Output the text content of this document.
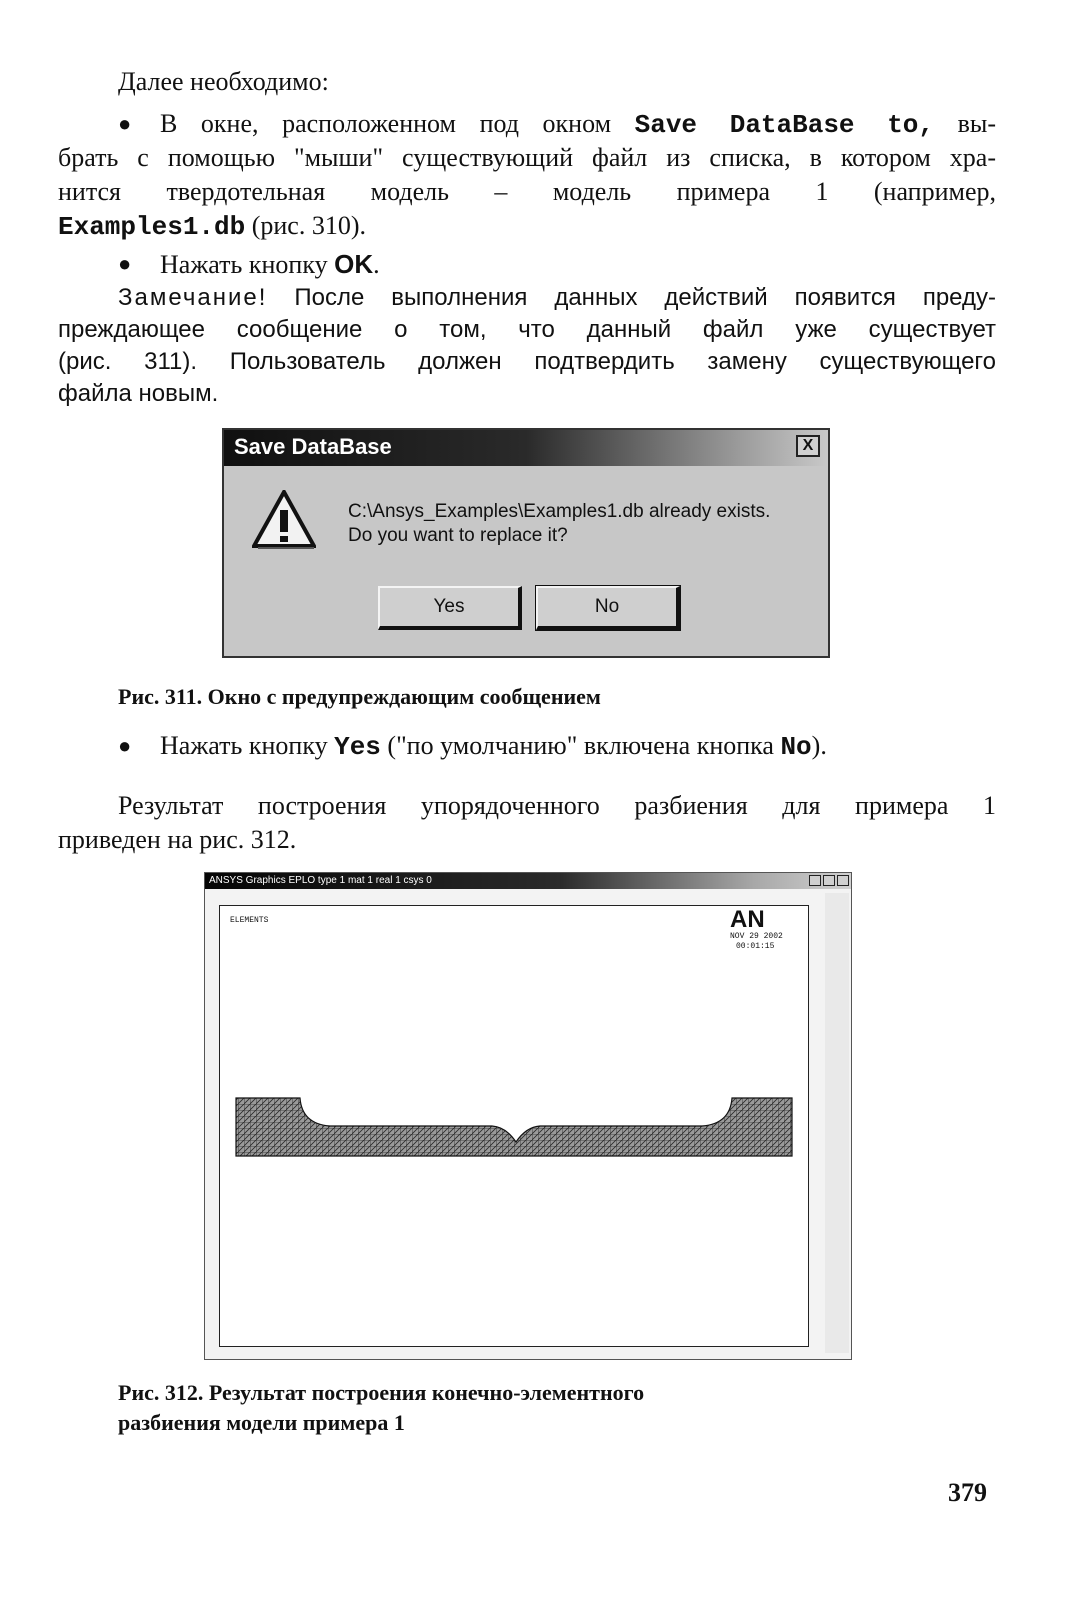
Далее необходимо:
● В окне, расположенном под окном Save DataBase to, вы-
брать с помощью "мыши" существующий файл из списка, в котором хра-
нится твердотельная модель – модель примера 1 (например,
Examples1.db (рис. 310).
● Нажать кнопку OK.
Замечание! После выполнения данных действий появится преду-
преждающее сообщение о том, что данный файл уже существует
(рис. 311). Пользователь должен подтвердить замену существующего
файла новым.
Save DataBase	X
C:\Ansys_Examples\Examples1.db already exists.
Do you want to replace it?
Yes	No
Рис. 311. Окно с предупреждающим сообщением
● Нажать кнопку Yes ("по умолчанию" включена кнопка No).
Результат построения упорядоченного разбиения для примера 1
приведен на рис. 312.
ANSYS Graphics EPLO type 1 mat 1 real 1 csys 0
ELEMENTS	AN
NOV 29 2002
00:01:15
Рис. 312. Результат построения конечно-элементного
разбиения модели примера 1
379
